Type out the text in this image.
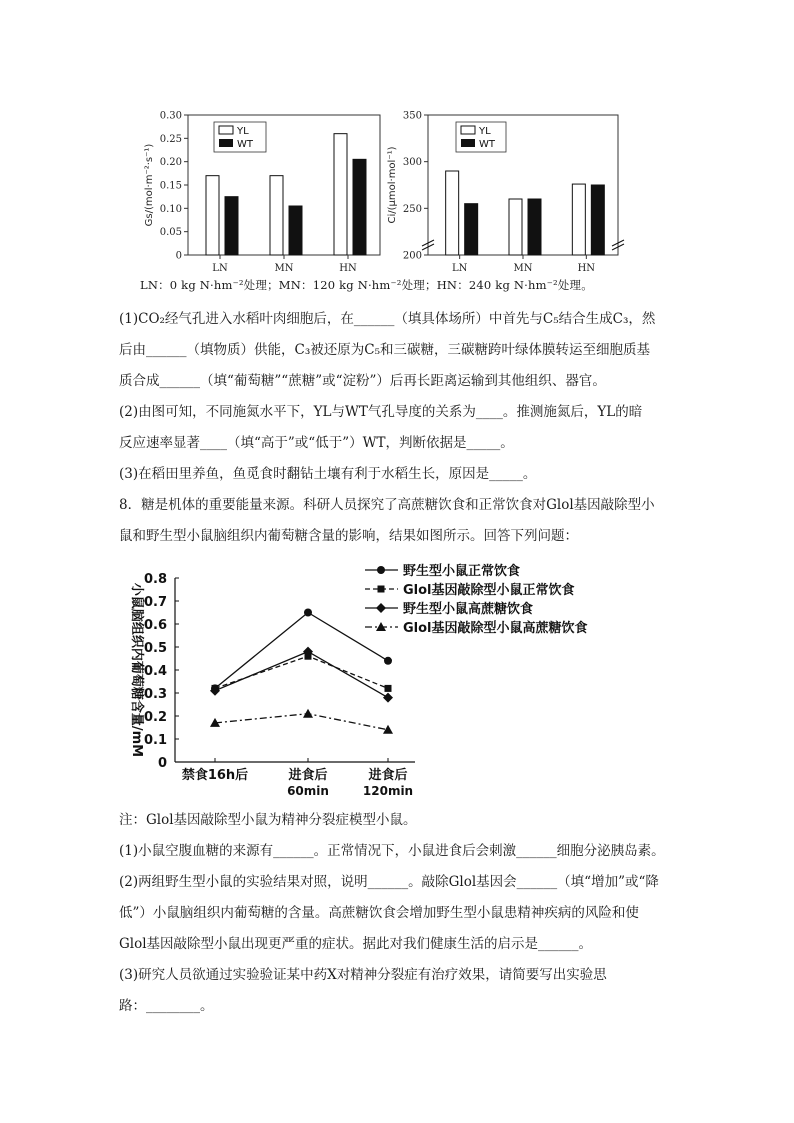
0
0.05
0.10
0.15
0.20
0.25
0.30
LN	MN	HN
Gs/(mol·m⁻²·s⁻¹)
YL
WT
200
250
300
350
LN	MN	HN
Ci/(μmol·mol⁻¹)
YL
WT
LN：0 kg N·hm⁻²处理；MN：120 kg N·hm⁻²处理；HN：240 kg N·hm⁻²处理。

(1)CO₂经气孔进入水稻叶肉细胞后，在______（填具体场所）中首先与C₅结合生成C₃，然

后由______（填物质）供能，C₃被还原为C₅和三碳糖，三碳糖跨叶绿体膜转运至细胞质基

质合成______（填“葡萄糖”“蔗糖”或“淀粉”）后再长距离运输到其他组织、器官。

(2)由图可知，不同施氮水平下，YL与WT气孔导度的关系为____。推测施氮后，YL的暗

反应速率显著____（填“高于”或“低于”）WT，判断依据是_____。

(3)在稻田里养鱼，鱼觅食时翻钻土壤有利于水稻生长，原因是_____。

8．糖是机体的重要能量来源。科研人员探究了高蔗糖饮食和正常饮食对Glol基因敲除型小

鼠和野生型小鼠脑组织内葡萄糖含量的影响，结果如图所示。回答下列问题：

0
0.1
0.2
0.3
0.4
0.5
0.6
0.7
0.8
禁食16h后	进食后
60min
进食后
120min
野生型小鼠正常饮食
Glol基因敲除型小鼠正常饮食
野生型小鼠高蔗糖饮食
Glol基因敲除型小鼠高蔗糖饮食
小鼠脑组织内葡萄糖含量/mM

注：Glol基因敲除型小鼠为精神分裂症模型小鼠。

(1)小鼠空腹血糖的来源有______。正常情况下，小鼠进食后会刺激______细胞分泌胰岛素。

(2)两组野生型小鼠的实验结果对照，说明______。敲除Glol基因会______（填“增加”或“降

低”）小鼠脑组织内葡萄糖的含量。高蔗糖饮食会增加野生型小鼠患精神疾病的风险和使

Glol基因敲除型小鼠出现更严重的症状。据此对我们健康生活的启示是______。

(3)研究人员欲通过实验验证某中药X对精神分裂症有治疗效果，请简要写出实验思

路：________。
